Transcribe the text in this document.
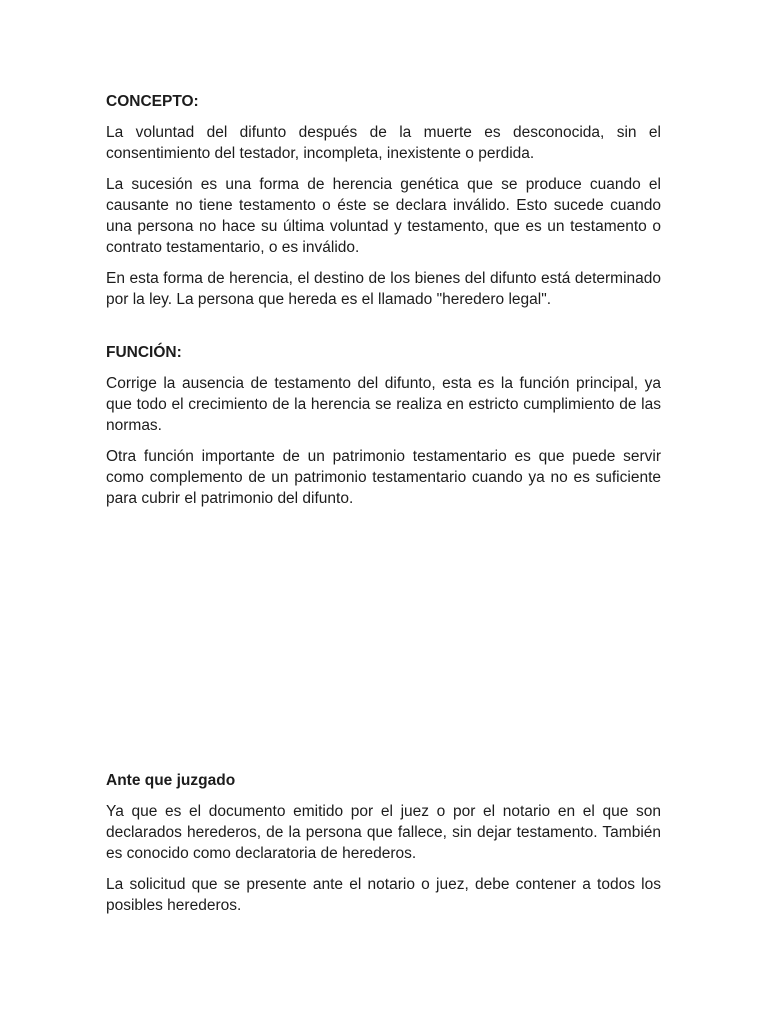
CONCEPTO:

La voluntad del difunto después de la muerte es desconocida, sin el consentimiento del testador, incompleta, inexistente o perdida.

La sucesión es una forma de herencia genética que se produce cuando el causante no tiene testamento o éste se declara inválido. Esto sucede cuando una persona no hace su última voluntad y testamento, que es un testamento o contrato testamentario, o es inválido.

En esta forma de herencia, el destino de los bienes del difunto está determinado por la ley. La persona que hereda es el llamado "heredero legal".

FUNCIÓN:

Corrige la ausencia de testamento del difunto, esta es la función principal, ya que todo el crecimiento de la herencia se realiza en estricto cumplimiento de las normas.

Otra función importante de un patrimonio testamentario es que puede servir como complemento de un patrimonio testamentario cuando ya no es suficiente para cubrir el patrimonio del difunto.

Ante que juzgado

Ya que es el documento emitido por el juez o por el notario en el que son declarados herederos, de la persona que fallece, sin dejar testamento. También es conocido como declaratoria de herederos.

La solicitud que se presente ante el notario o juez, debe contener a todos los posibles herederos.
